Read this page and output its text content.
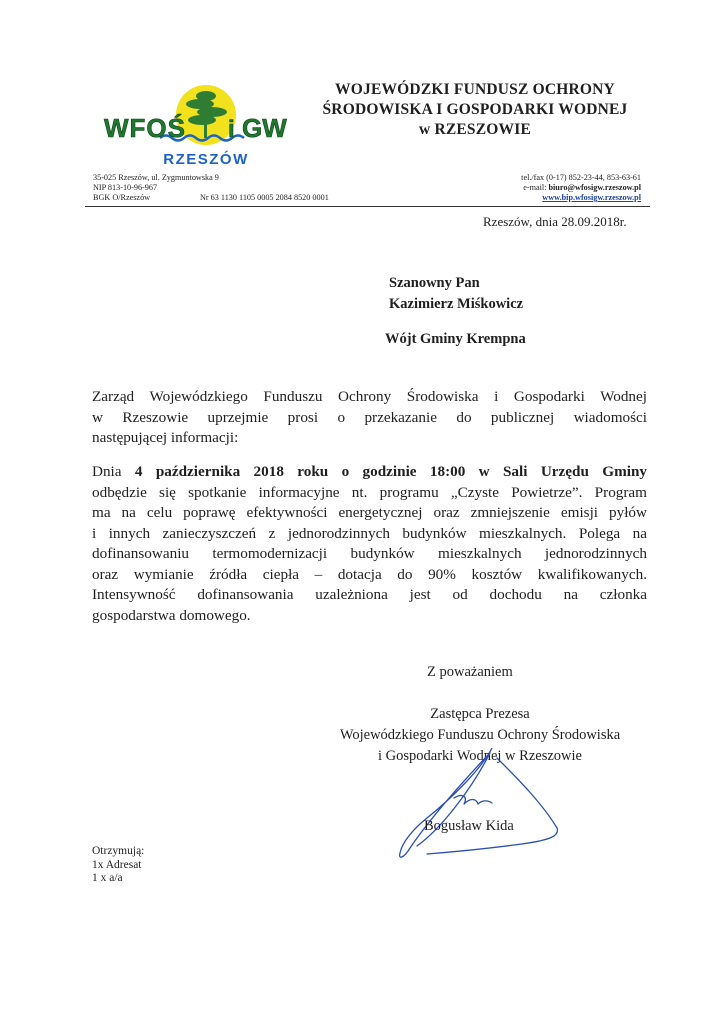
WFOŚ i GW
RZESZÓW
WOJEWÓDZKI FUNDUSZ OCHRONY
ŚRODOWISKA I GOSPODARKI WODNEJ
w RZESZOWIE
35-025 Rzeszów, ul. Zygmuntowska 9
NIP 813-10-96-967
BGK O/Rzeszów	Nr 63 1130 1105 0005 2084 8520 0001
tel./fax (0-17) 852-23-44, 853-63-61
e-mail: biuro@wfosigw.rzeszow.pl
www.bip.wfosigw.rzeszow.pl
Rzeszów, dnia 28.09.2018r.
Szanowny Pan
Kazimierz Miśkowicz
Wójt Gminy Krempna
Zarząd Wojewódzkiego Funduszu Ochrony Środowiska i Gospodarki Wodnej
w Rzeszowie uprzejmie prosi o przekazanie do publicznej wiadomości
następującej informacji:
Dnia 4 października 2018 roku o godzinie 18:00 w Sali Urzędu Gminy
odbędzie się spotkanie informacyjne nt. programu „Czyste Powietrze”. Program
ma na celu poprawę efektywności energetycznej oraz zmniejszenie emisji pyłów
i innych zanieczyszczeń z jednorodzinnych budynków mieszkalnych. Polega na
dofinansowaniu termomodernizacji budynków mieszkalnych jednorodzinnych
oraz wymianie źródła ciepła – dotacja do 90% kosztów kwalifikowanych.
Intensywność dofinansowania uzależniona jest od dochodu na członka
gospodarstwa domowego.
Z poważaniem
Zastępca Prezesa
Wojewódzkiego Funduszu Ochrony Środowiska
i Gospodarki Wodnej w Rzeszowie
Bogusław Kida
Otrzymują:
1x Adresat
1 x a/a
